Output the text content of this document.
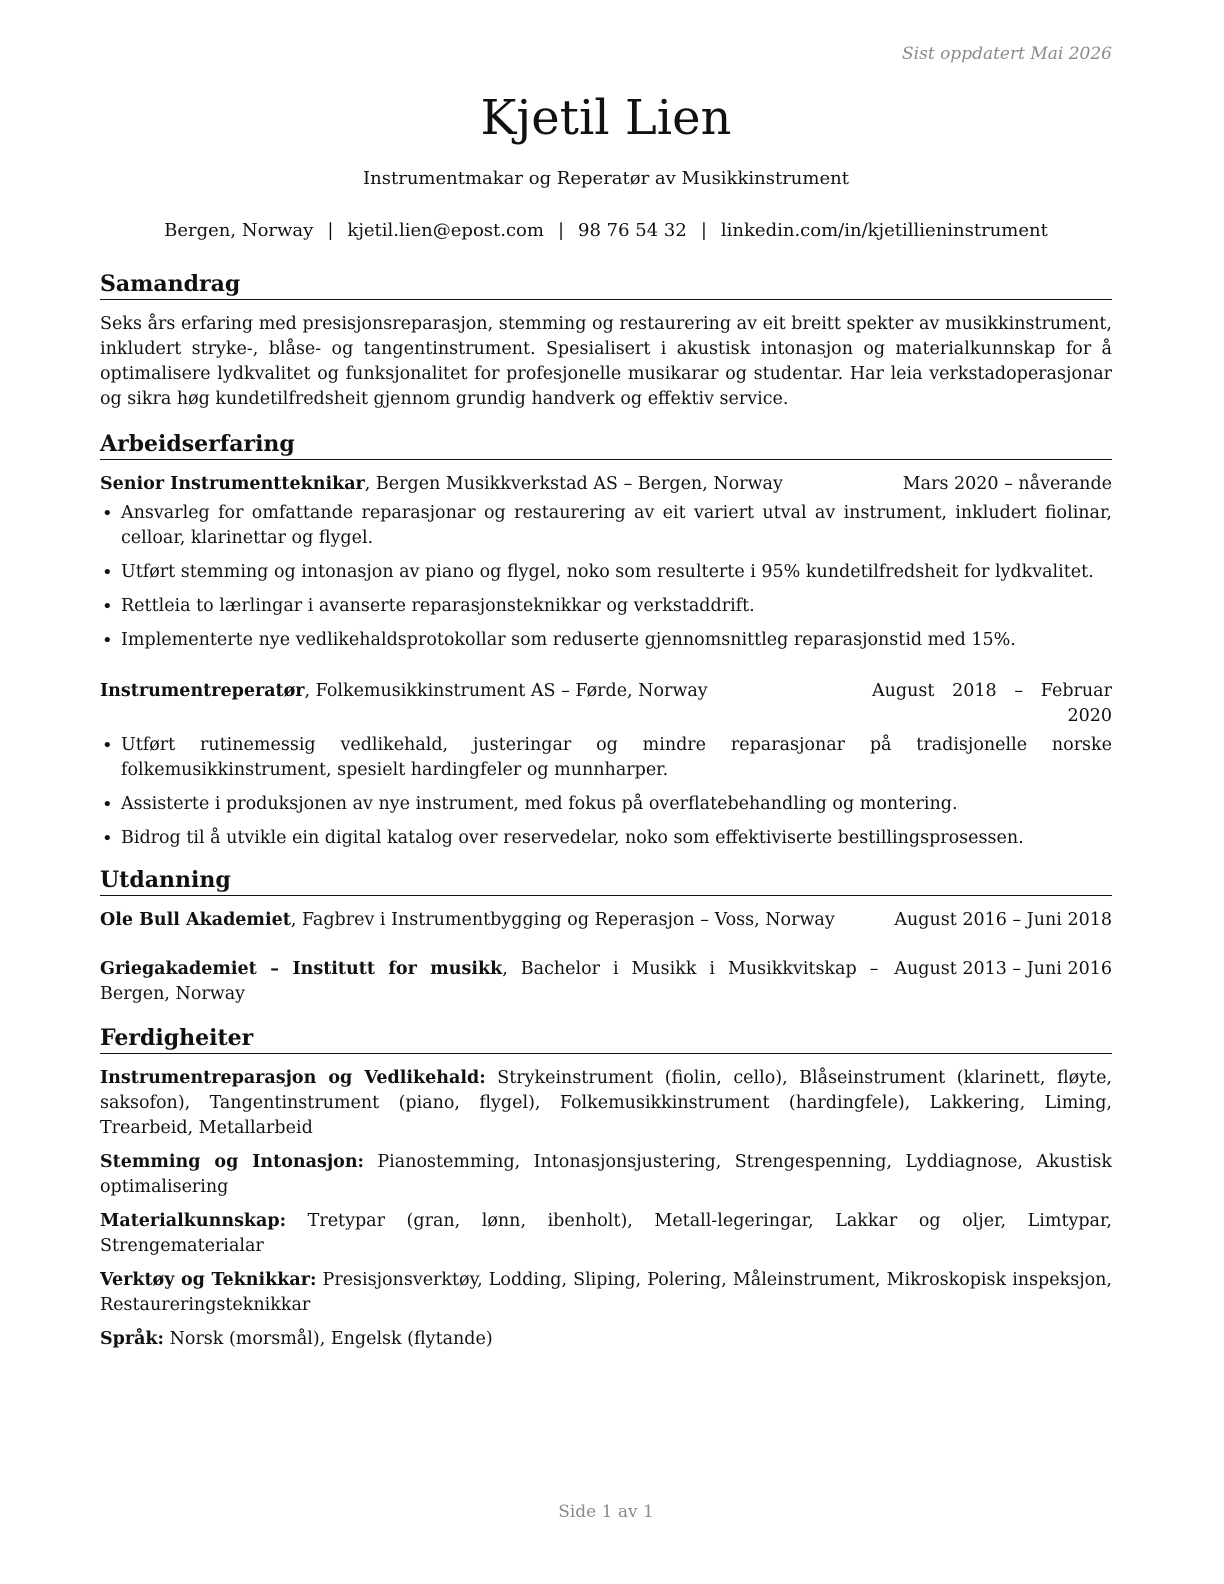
Sist oppdatert Mai 2026
Kjetil Lien
Instrumentmakar og Reperatør av Musikkinstrument
Bergen, Norway | kjetil.lien@epost.com | 98 76 54 32 | linkedin.com/in/kjetillieninstrument
Samandrag

Seks års erfaring med presisjonsreparasjon, stemming og restaurering av eit breitt spekter av musikkinstrument, inkludert stryke-, blåse- og tangentinstrument. Spesialisert i akustisk intonasjon og materialkunnskap for å optimalisere lydkvalitet og funksjonalitet for profesjonelle musikarar og studentar. Har leia verkstadoperasjonar og sikra høg kundetilfredsheit gjennom grundig handverk og effektiv service.

Arbeidserfaring
Senior Instrumentteknikar, Bergen Musikkverkstad AS – Bergen, Norway	Mars 2020 – nåverande
• Ansvarleg for omfattande reparasjonar og restaurering av eit variert utval av instrument, inkludert fiolinar, celloar, klarinettar og flygel.
• Utført stemming og intonasjon av piano og flygel, noko som resulterte i 95% kundetilfredsheit for lydkvalitet.
• Rettleia to lærlingar i avanserte reparasjonsteknikkar og verkstaddrift.
• Implementerte nye vedlikehaldsprotokollar som reduserte gjennomsnittleg reparasjonstid med 15%.
Instrumentreperatør, Folkemusikkinstrument AS – Førde, Norway	August 2018 – Februar 2020
• Utført rutinemessig vedlikehald, justeringar og mindre reparasjonar på tradisjonelle norske folkemusikkinstrument, spesielt hardingfeler og munnharper.
• Assisterte i produksjonen av nye instrument, med fokus på overflatebehandling og montering.
• Bidrog til å utvikle ein digital katalog over reservedelar, noko som effektiviserte bestillingsprosessen.
Utdanning
Ole Bull Akademiet, Fagbrev i Instrumentbygging og Reperasjon – Voss, Norway	August 2016 – Juni 2018
Griegakademiet – Institutt for musikk, Bachelor i Musikk i Musikkvitskap – Bergen, Norway
August 2013 – Juni 2016
Ferdigheiter
Instrumentreparasjon og Vedlikehald: Strykeinstrument (fiolin, cello), Blåseinstrument (klarinett, fløyte, saksofon), Tangentinstrument (piano, flygel), Folkemusikkinstrument (hardingfele), Lakkering, Liming, Trearbeid, Metallarbeid
Stemming og Intonasjon: Pianostemming, Intonasjonsjustering, Strengespenning, Lyddiagnose, Akustisk optimalisering
Materialkunnskap: Tretypar (gran, lønn, ibenholt), Metall-legeringar, Lakkar og oljer, Limtypar, Strengematerialar
Verktøy og Teknikkar: Presisjonsverktøy, Lodding, Sliping, Polering, Måleinstrument, Mikroskopisk inspeksjon, Restaureringsteknikkar
Språk: Norsk (morsmål), Engelsk (flytande)
Side 1 av 1
